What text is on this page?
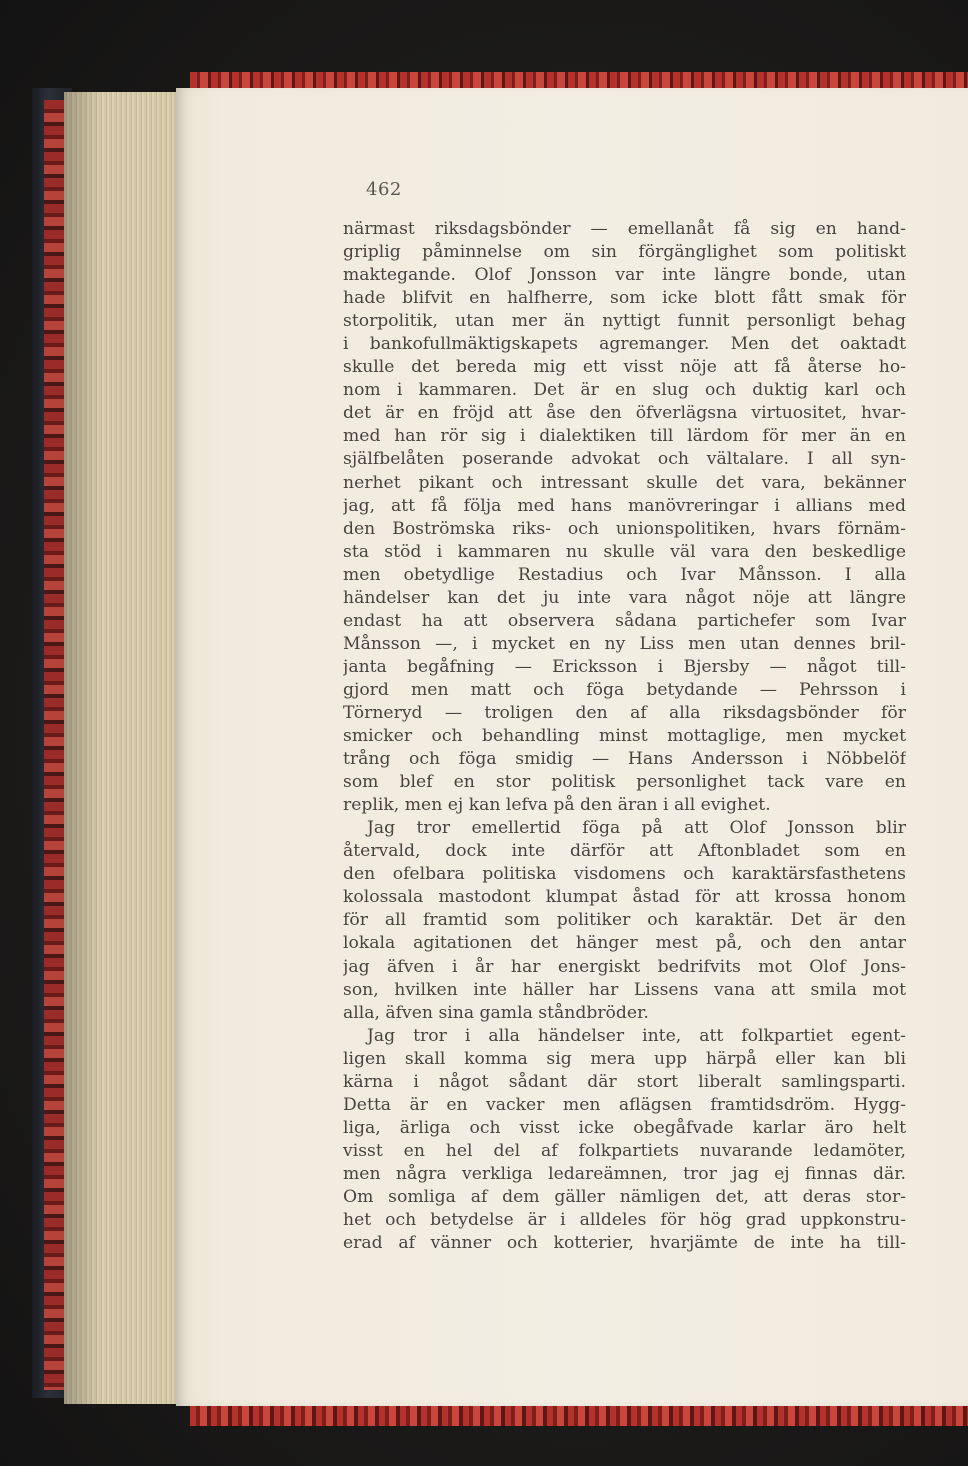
462
närmast riksdagsbönder — emellanåt få sig en hand-
griplig påminnelse om sin förgänglighet som politiskt
maktegande. Olof Jonsson var inte längre bonde, utan
hade blifvit en halfherre, som icke blott fått smak för
storpolitik, utan mer än nyttigt funnit personligt behag
i bankofullmäktigskapets agremanger. Men det oaktadt
skulle det bereda mig ett visst nöje att få återse ho-
nom i kammaren. Det är en slug och duktig karl och
det är en fröjd att åse den öfverlägsna virtuositet, hvar-
med han rör sig i dialektiken till lärdom för mer än en
själfbelåten poserande advokat och vältalare. I all syn-
nerhet pikant och intressant skulle det vara, bekänner
jag, att få följa med hans manövreringar i allians med
den Boströmska riks- och unionspolitiken, hvars förnäm-
sta stöd i kammaren nu skulle väl vara den beskedlige
men obetydlige Restadius och Ivar Månsson. I alla
händelser kan det ju inte vara något nöje att längre
endast ha att observera sådana partichefer som Ivar
Månsson —, i mycket en ny Liss men utan dennes bril-
janta begåfning — Ericksson i Bjersby — något till-
gjord men matt och föga betydande — Pehrsson i
Törneryd — troligen den af alla riksdagsbönder för
smicker och behandling minst mottaglige, men mycket
trång och föga smidig — Hans Andersson i Nöbbelöf
som blef en stor politisk personlighet tack vare en
replik, men ej kan lefva på den äran i all evighet.
Jag tror emellertid föga på att Olof Jonsson blir
återvald, dock inte därför att Aftonbladet som en
den ofelbara politiska visdomens och karaktärsfasthetens
kolossala mastodont klumpat åstad för att krossa honom
för all framtid som politiker och karaktär. Det är den
lokala agitationen det hänger mest på, och den antar
jag äfven i år har energiskt bedrifvits mot Olof Jons-
son, hvilken inte häller har Lissens vana att smila mot
alla, äfven sina gamla ståndbröder.
Jag tror i alla händelser inte, att folkpartiet egent-
ligen skall komma sig mera upp härpå eller kan bli
kärna i något sådant där stort liberalt samlingsparti.
Detta är en vacker men aflägsen framtidsdröm. Hygg-
liga, ärliga och visst icke obegåfvade karlar äro helt
visst en hel del af folkpartiets nuvarande ledamöter,
men några verkliga ledareämnen, tror jag ej finnas där.
Om somliga af dem gäller nämligen det, att deras stor-
het och betydelse är i alldeles för hög grad uppkonstru-
erad af vänner och kotterier, hvarjämte de inte ha till-
